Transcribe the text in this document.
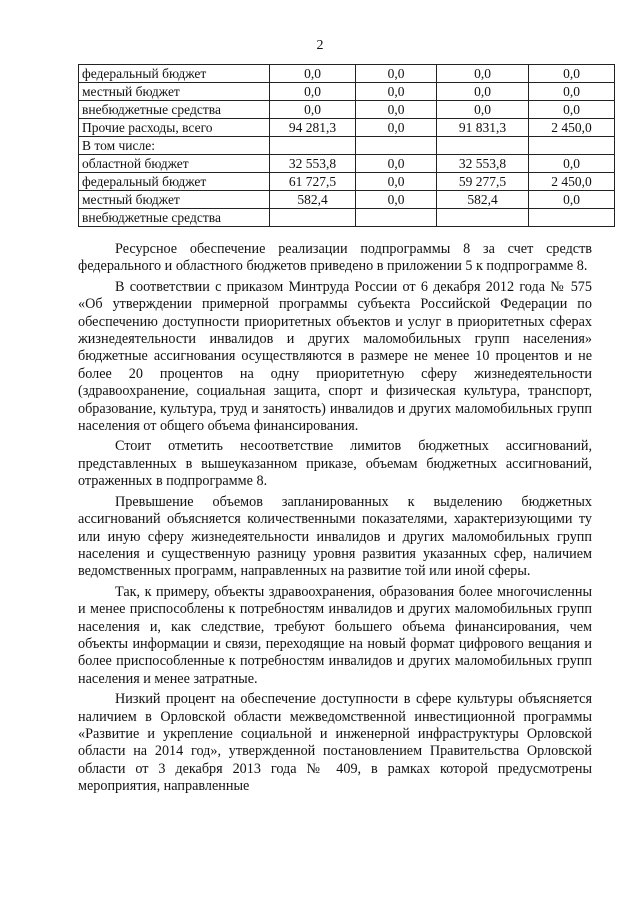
2
федеральный бюджет	0,0	0,0	0,0	0,0
местный бюджет	0,0	0,0	0,0	0,0
внебюджетные средства	0,0	0,0	0,0	0,0
Прочие расходы, всего	94 281,3	0,0	91 831,3	2 450,0
В том числе:				
областной бюджет	32 553,8	0,0	32 553,8	0,0
федеральный бюджет	61 727,5	0,0	59 277,5	2 450,0
местный бюджет	582,4	0,0	582,4	0,0
внебюджетные средства				

Ресурсное обеспечение реализации подпрограммы 8 за счет средств федерального и областного бюджетов приведено в приложении 5 к подпрограмме 8.

В соответствии с приказом Минтруда России от 6 декабря 2012 года № 575 «Об утверждении примерной программы субъекта Российской Федерации по обеспечению доступности приоритетных объектов и услуг в приоритетных сферах жизнедеятельности инвалидов и других маломобильных групп населения» бюджетные ассигнования осуществляются в размере не менее 10 процентов и не более 20 процентов на одну приоритетную сферу жизнедеятельности (здравоохранение, социальная защита, спорт и физическая культура, транспорт, образование, культура, труд и занятость) инвалидов и других маломобильных групп населения от общего объема финансирования.

Стоит отметить несоответствие лимитов бюджетных ассигнований, представленных в вышеуказанном приказе, объемам бюджетных ассигнований, отраженных в подпрограмме 8.

Превышение объемов запланированных к выделению бюджетных ассигнований объясняется количественными показателями, характеризующими ту или иную сферу жизнедеятельности инвалидов и других маломобильных групп населения и существенную разницу уровня развития указанных сфер, наличием ведомственных программ, направленных на развитие той или иной сферы.

Так, к примеру, объекты здравоохранения, образования более многочисленны и менее приспособлены к потребностям инвалидов и других маломобильных групп населения и, как следствие, требуют большего объема финансирования, чем объекты информации и связи, переходящие на новый формат цифрового вещания и более приспособленные к потребностям инвалидов и других маломобильных групп населения и менее затратные.

Низкий процент на обеспечение доступности в сфере культуры объясняется наличием в Орловской области межведомственной инвестиционной программы «Развитие и укрепление социальной и инженерной инфраструктуры Орловской области на 2014 год», утвержденной постановлением Правительства Орловской области от 3 декабря 2013 года № 409, в рамках которой предусмотрены мероприятия, направленные
